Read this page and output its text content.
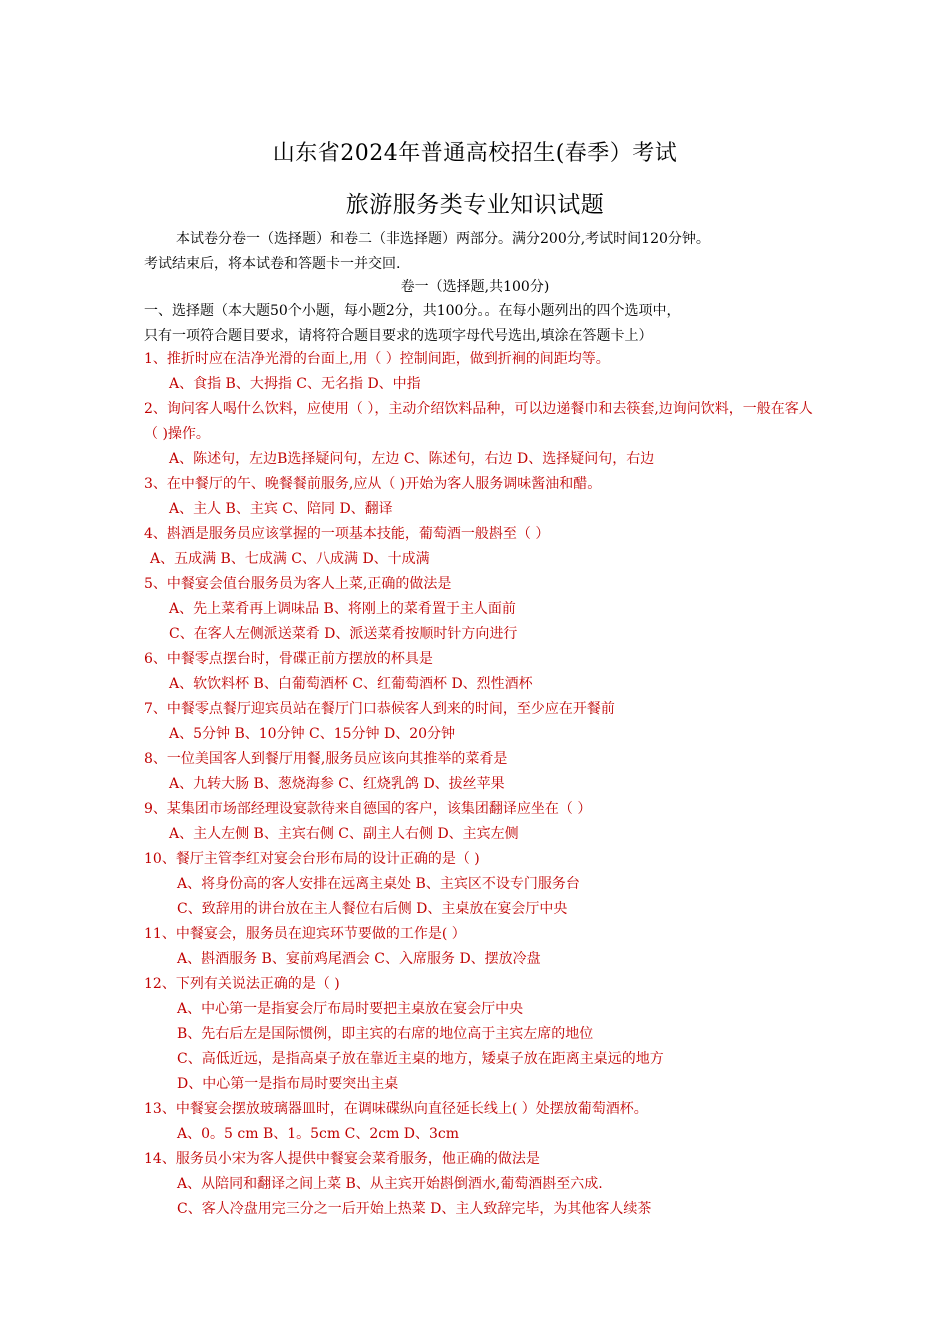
山东省2024年普通高校招生(春季）考试
旅游服务类专业知识试题

本试卷分卷一（选择题）和卷二（非选择题）两部分。满分200分,考试时间120分钟。

考试结束后，将本试卷和答题卡一并交回.

卷一（选择题,共100分)
一、选择题（本大题50个小题，每小题2分，共100分。。在每小题列出的四个选项中，
只有一项符合题目要求，请将符合题目要求的选项字母代号选出,填涂在答题卡上）
1、推折时应在洁净光滑的台面上,用（ ）控制间距，做到折裥的间距均等。
A、食指 B、大拇指 C、无名指 D、中指
2、询问客人喝什么饮料，应使用（ ），主动介绍饮料品种，可以边递餐巾和去筷套,边询问饮料，一般在客人（ )操作。
A、陈述句，左边B选择疑问句，左边 C、陈述句，右边 D、选择疑问句，右边
3、在中餐厅的午、晚餐餐前服务,应从（ )开始为客人服务调味酱油和醋。
A、主人 B、主宾 C、陪同 D、翻译
4、斟酒是服务员应该掌握的一项基本技能，葡萄酒一般斟至（ ）
A、五成满 B、七成满 C、八成满 D、十成满
5、中餐宴会值台服务员为客人上菜,正确的做法是
A、先上菜肴再上调味品 B、将刚上的菜肴置于主人面前
C、在客人左侧派送菜肴 D、派送菜肴按顺时针方向进行
6、中餐零点摆台时，骨碟正前方摆放的杯具是
A、软饮料杯 B、白葡萄酒杯 C、红葡萄酒杯 D、烈性酒杯
7、中餐零点餐厅迎宾员站在餐厅门口恭候客人到来的时间，至少应在开餐前
A、5分钟 B、10分钟 C、15分钟 D、20分钟
8、一位美国客人到餐厅用餐,服务员应该向其推举的菜肴是
A、九转大肠 B、葱烧海参 C、红烧乳鸽 D、拔丝苹果
9、某集团市场部经理设宴款待来自德国的客户，该集团翻译应坐在（ ）
A、主人左侧 B、主宾右侧 C、副主人右侧 D、主宾左侧
10、餐厅主管李红对宴会台形布局的设计正确的是（ )
A、将身份高的客人安排在远离主桌处 B、主宾区不设专门服务台
C、致辞用的讲台放在主人餐位右后侧 D、主桌放在宴会厅中央
11、中餐宴会，服务员在迎宾环节要做的工作是( ）
A、斟酒服务 B、宴前鸡尾酒会 C、入席服务 D、摆放冷盘
12、下列有关说法正确的是（ )
A、中心第一是指宴会厅布局时要把主桌放在宴会厅中央
B、先右后左是国际惯例，即主宾的右席的地位高于主宾左席的地位
C、高低近远，是指高桌子放在靠近主桌的地方，矮桌子放在距离主桌远的地方
D、中心第一是指布局时要突出主桌
13、中餐宴会摆放玻璃器皿时，在调味碟纵向直径延长线上( ）处摆放葡萄酒杯。
A、0。5 cm B、1。5cm C、2cm D、3cm
14、服务员小宋为客人提供中餐宴会菜肴服务，他正确的做法是
A、从陪同和翻译之间上菜 B、从主宾开始斟倒酒水,葡萄酒斟至六成.
C、客人冷盘用完三分之一后开始上热菜 D、主人致辞完毕，为其他客人续茶
